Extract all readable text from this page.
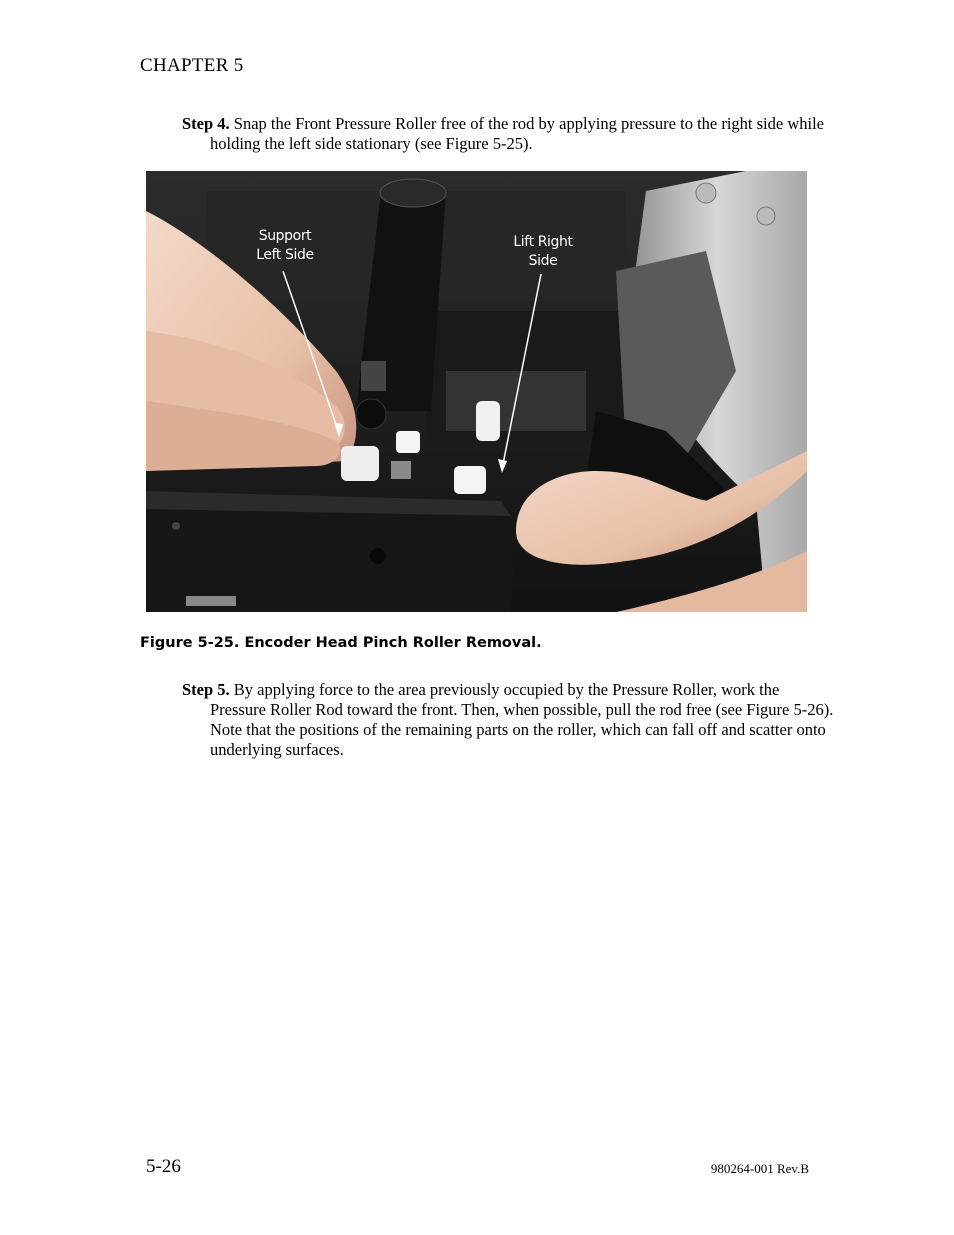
CHAPTER 5

Step 4. Snap the Front Pressure Roller free of the rod by applying pressure to the right side while holding the left side stationary (see Figure 5-25).

Support
Left Side
Lift Right
Side
Figure 5-25. Encoder Head Pinch Roller Removal.

Step 5. By applying force to the area previously occupied by the Pressure Roller, work the Pressure Roller Rod toward the front. Then, when possible, pull the rod free (see Figure 5-26). Note that the positions of the remaining parts on the roller, which can fall off and scatter onto underlying surfaces.

5-26	980264-001 Rev.B
